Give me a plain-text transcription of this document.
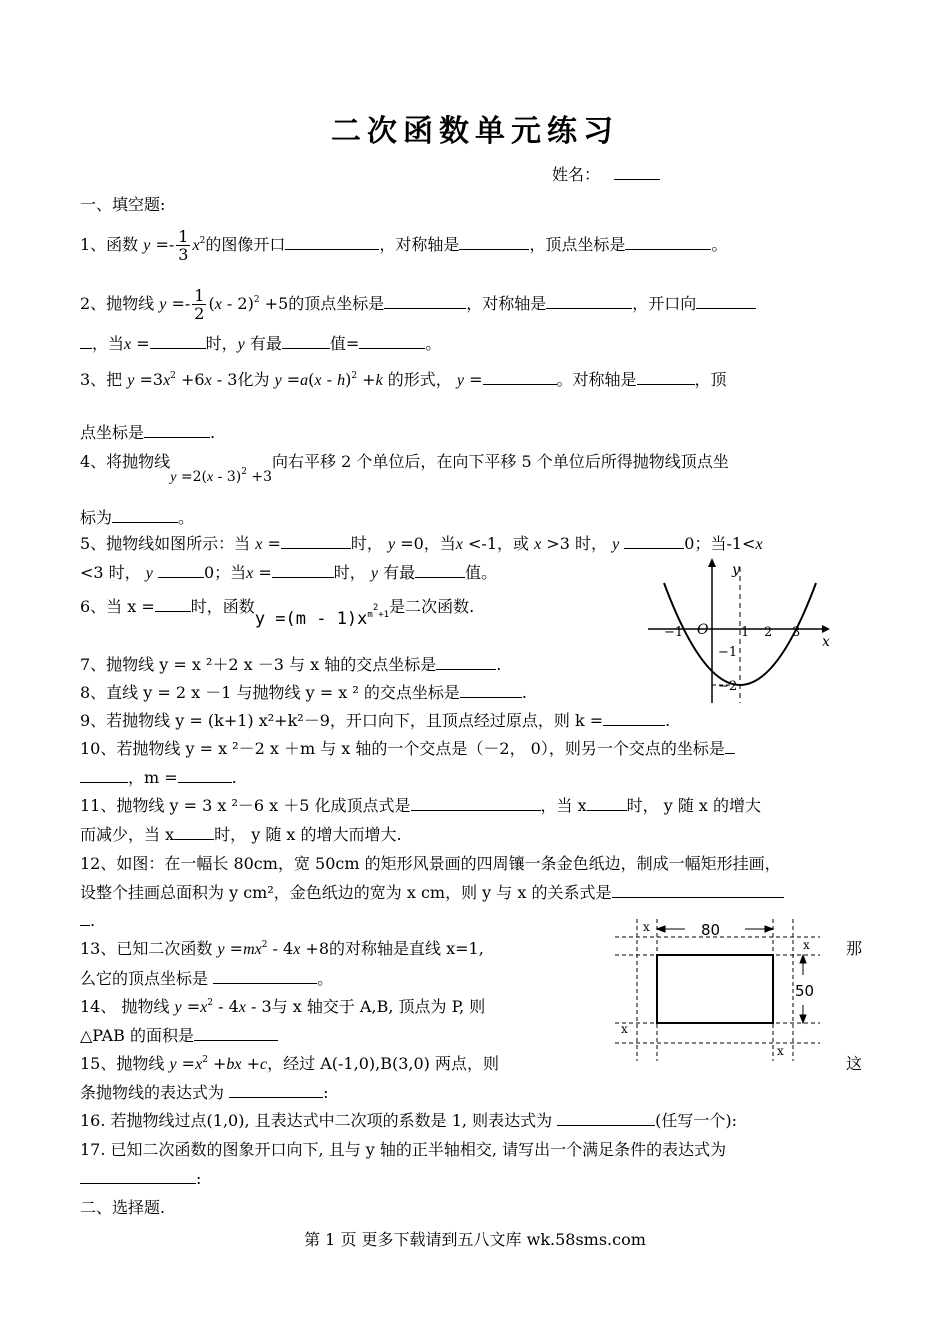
二次函数单元练习
姓名：
一、填空题:
1、函数 $y =- \frac{1}{3} x^2$的图像开口	，对称轴是	，顶点坐标是	。
2、抛物线 $y =- \frac{1}{2} (x - 2)^2 +5$的顶点坐标是	，对称轴是	，开口向
，当x =	时，y 有最	值=	。
3、把 $y =3x^2 +6x - 3$化为 y =a(x - h)$^2$ +k 的形式， y =	。对称轴是	，顶
点坐标是	.
4、将抛物线y =2(x - 3)$^2$ +3向右平移 2 个单位后，在向下平移 5 个单位后所得抛物线顶点坐
标为	。
5、抛物线如图所示：当 x =	时， y =0，当x <-1，或 x >3 时， y	0；当-1<x
<3 时， y	0；当x =	时， y 有最	值。
6、当 x = 时，函数$y =(m - 1)x^{m^2+1}$是二次函数.
y
x
O
−1	1 2 3
−1
−2
7、抛物线 y = x ²＋2 x －3 与 x 轴的交点坐标是	.
8、直线 y = 2 x －1 与抛物线 y = x ² 的交点坐标是	.
9、若抛物线 y = (k+1) x²+k²－9，开口向下，且顶点经过原点，则 k =	.
10、若抛物线 y = x ²－2 x ＋m 与 x 轴的一个交点是（－2， 0），则另一个交点的坐标是
，m =	.
11、抛物线 y = 3 x ²－6 x ＋5 化成顶点式是	，当 x	时， y 随 x 的增大
而减少，当 x	时， y 随 x 的增大而增大.
12、如图：在一幅长 80cm，宽 50cm 的矩形风景画的四周镶一条金色纸边，制成一幅矩形挂画，
设整个挂画总面积为 y cm²，金色纸边的宽为 x cm，则 y 与 x 的关系式是
.	80
50
x
x
x
x
13、已知二次函数 $y =mx^2 - 4x +8$的对称轴是直线 x=1,	那
么它的顶点坐标是	。
14、 抛物线 $y =x^2 - 4x - 3$与 x 轴交于 A,B, 顶点为 P, 则
△PAB 的面积是
15、抛物线 $y =x^2 +bx +c$，经过 A(-1,0),B(3,0) 两点，则	这
条抛物线的表达式为	:
16. 若抛物线过点(1,0), 且表达式中二次项的系数是 1, 则表达式为	(任写一个):
17. 已知二次函数的图象开口向下, 且与 y 轴的正半轴相交, 请写出一个满足条件的表达式为
:
二、选择题.
第 1 页 更多下载请到五八文库 wk.58sms.com
